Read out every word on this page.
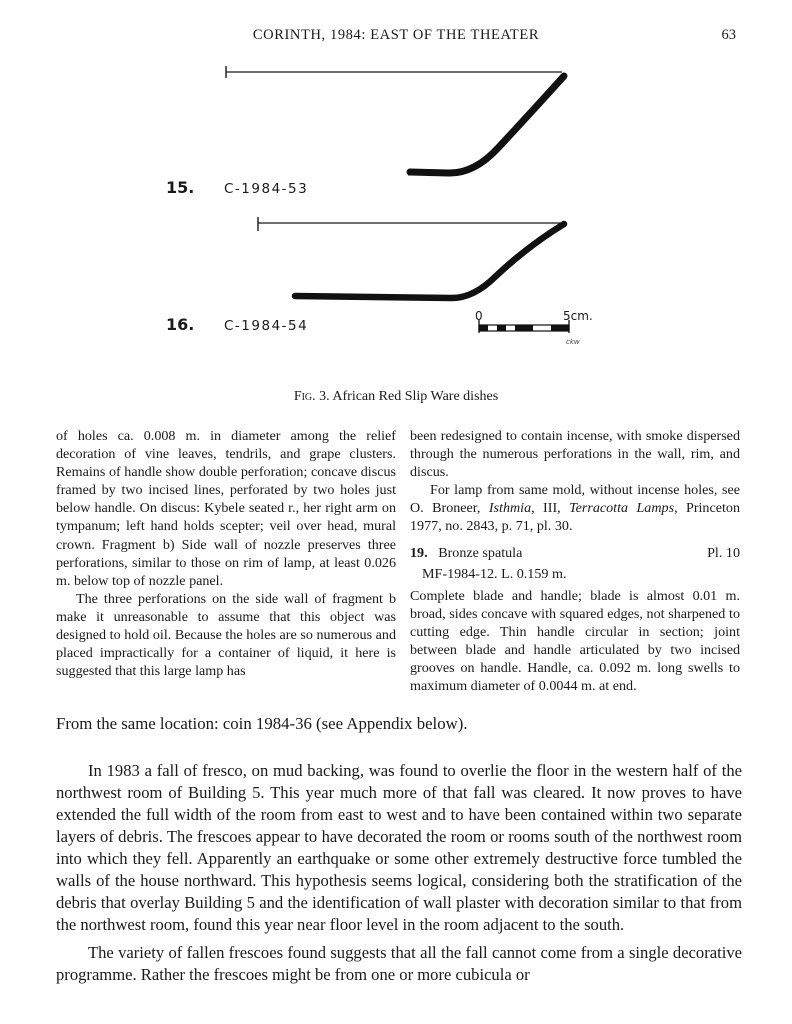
CORINTH, 1984: EAST OF THE THEATER	63
15. C-1984-53
16. C-1984-54
0	5cm.
ckw
Fig. 3. African Red Slip Ware dishes

of holes ca. 0.008 m. in diameter among the relief decoration of vine leaves, tendrils, and grape clusters. Remains of handle show double perforation; concave discus framed by two incised lines, perforated by two holes just below handle. On discus: Kybele seated r., her right arm on tympanum; left hand holds scepter; veil over head, mural crown. Fragment b) Side wall of nozzle preserves three perforations, similar to those on rim of lamp, at least 0.026 m. below top of nozzle panel.

The three perforations on the side wall of fragment b make it unreasonable to assume that this object was designed to hold oil. Because the holes are so numerous and placed impractically for a container of liquid, it here is suggested that this large lamp has

been redesigned to contain incense, with smoke dispersed through the numerous perforations in the wall, rim, and discus.

For lamp from same mold, without incense holes, see O. Broneer, Isthmia, III, Terracotta Lamps, Princeton 1977, no. 2843, p. 71, pl. 30.

19. Bronze spatula	Pl. 10
MF-1984-12. L. 0.159 m.

Complete blade and handle; blade is almost 0.01 m. broad, sides concave with squared edges, not sharpened to cutting edge. Thin handle circular in section; joint between blade and handle articulated by two incised grooves on handle. Handle, ca. 0.092 m. long swells to maximum diameter of 0.0044 m. at end.

From the same location: coin 1984-36 (see Appendix below).

In 1983 a fall of fresco, on mud backing, was found to overlie the floor in the western half of the northwest room of Building 5. This year much more of that fall was cleared. It now proves to have extended the full width of the room from east to west and to have been contained within two separate layers of debris. The frescoes appear to have decorated the room or rooms south of the northwest room into which they fell. Apparently an earthquake or some other extremely destructive force tumbled the walls of the house northward. This hypothesis seems logical, considering both the stratification of the debris that overlay Building 5 and the identification of wall plaster with decoration similar to that from the northwest room, found this year near floor level in the room adjacent to the south.

The variety of fallen frescoes found suggests that all the fall cannot come from a single decorative programme. Rather the frescoes might be from one or more cubicula or
